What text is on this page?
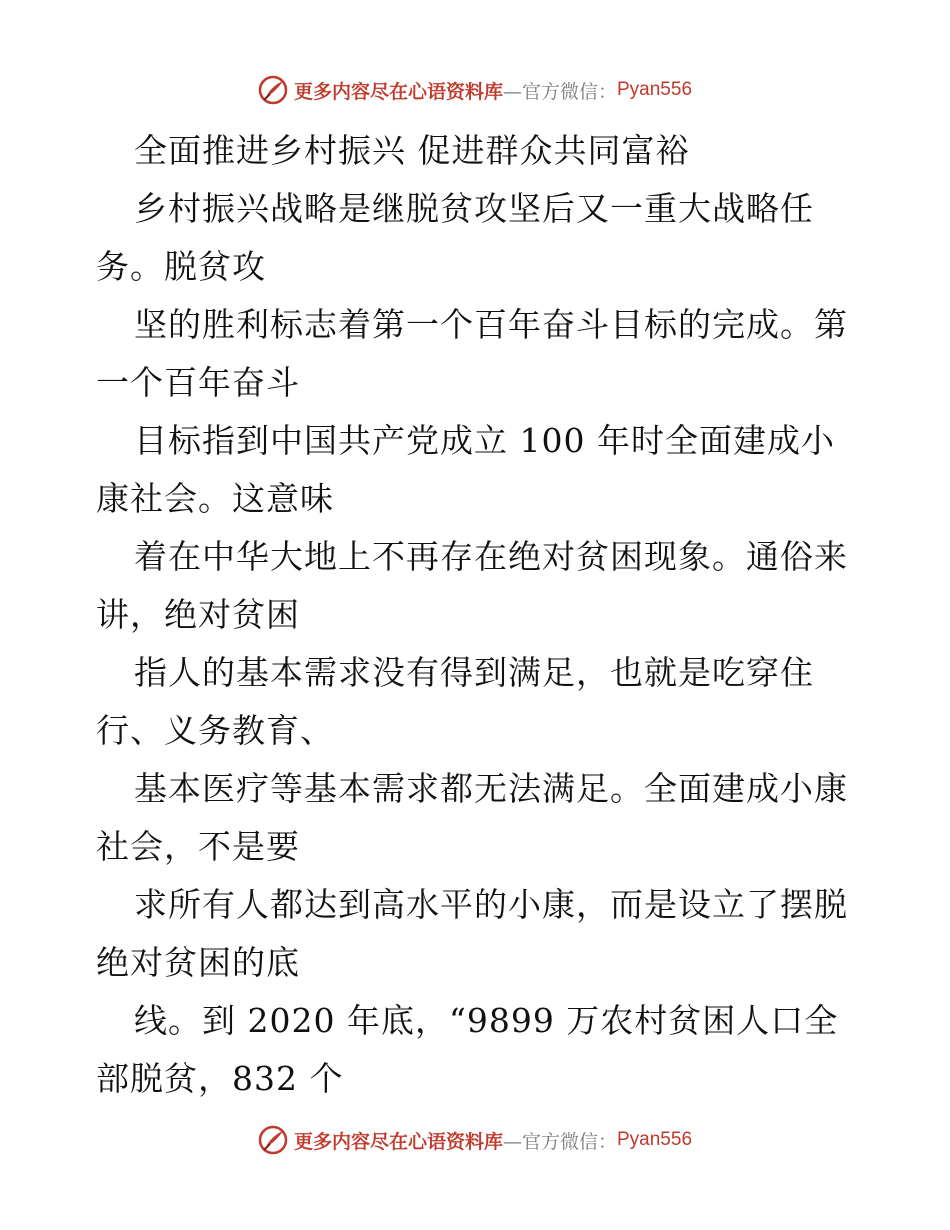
更多内容尽在心语资料库 —官方微信： Pyan556
全面推进乡村振兴 促进群众共同富裕
乡村振兴战略是继脱贫攻坚后又一重大战略任
务。脱贫攻
坚的胜利标志着第一个百年奋斗目标的完成。第
一个百年奋斗
目标指到中国共产党成立 100 年时全面建成小
康社会。这意味
着在中华大地上不再存在绝对贫困现象。通俗来
讲，绝对贫困
指人的基本需求没有得到满足，也就是吃穿住
行、义务教育、
基本医疗等基本需求都无法满足。全面建成小康
社会，不是要
求所有人都达到高水平的小康，而是设立了摆脱
绝对贫困的底
线。到 2020 年底，“9899 万农村贫困人口全
部脱贫，832 个
更多内容尽在心语资料库 —官方微信： Pyan556
